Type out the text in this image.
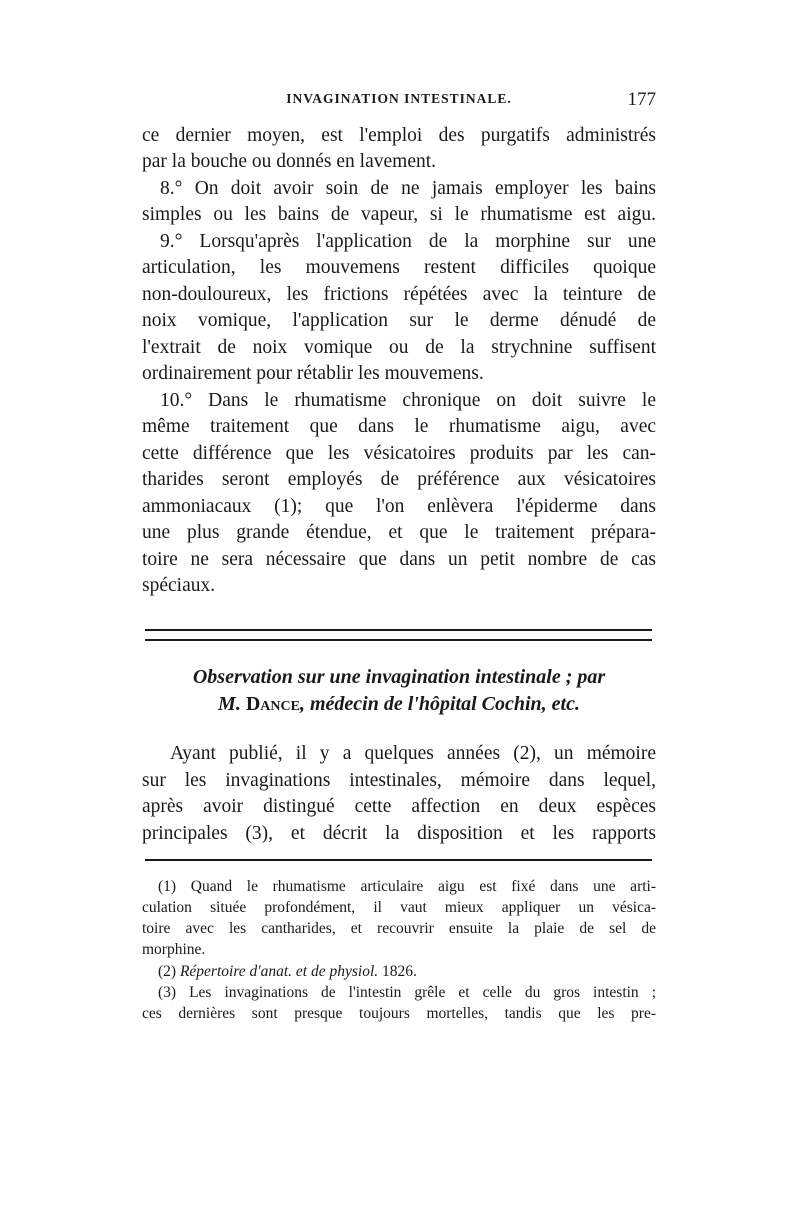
INVAGINATION INTESTINALE.	177
ce dernier moyen, est l'emploi des purgatifs administrés
par la bouche ou donnés en lavement.
8.° On doit avoir soin de ne jamais employer les bains
simples ou les bains de vapeur, si le rhumatisme est aigu.
9.° Lorsqu'après l'application de la morphine sur une
articulation, les mouvemens restent difficiles quoique
non-douloureux, les frictions répétées avec la teinture de
noix vomique, l'application sur le derme dénudé de
l'extrait de noix vomique ou de la strychnine suffisent
ordinairement pour rétablir les mouvemens.
10.° Dans le rhumatisme chronique on doit suivre le
même traitement que dans le rhumatisme aigu, avec
cette différence que les vésicatoires produits par les can-
tharides seront employés de préférence aux vésicatoires
ammoniacaux (1); que l'on enlèvera l'épiderme dans
une plus grande étendue, et que le traitement prépara-
toire ne sera nécessaire que dans un petit nombre de cas
spéciaux.
Observation sur une invagination intestinale ; par
M. Dance, médecin de l'hôpital Cochin, etc.
Ayant publié, il y a quelques années (2), un mémoire
sur les invaginations intestinales, mémoire dans lequel,
après avoir distingué cette affection en deux espèces
principales (3), et décrit la disposition et les rapports
(1) Quand le rhumatisme articulaire aigu est fixé dans une arti-
culation située profondément, il vaut mieux appliquer un vésica-
toire avec les cantharides, et recouvrir ensuite la plaie de sel de
morphine.
(2) Répertoire d'anat. et de physiol. 1826.
(3) Les invaginations de l'intestin grêle et celle du gros intestin ;
ces dernières sont presque toujours mortelles, tandis que les pre-
